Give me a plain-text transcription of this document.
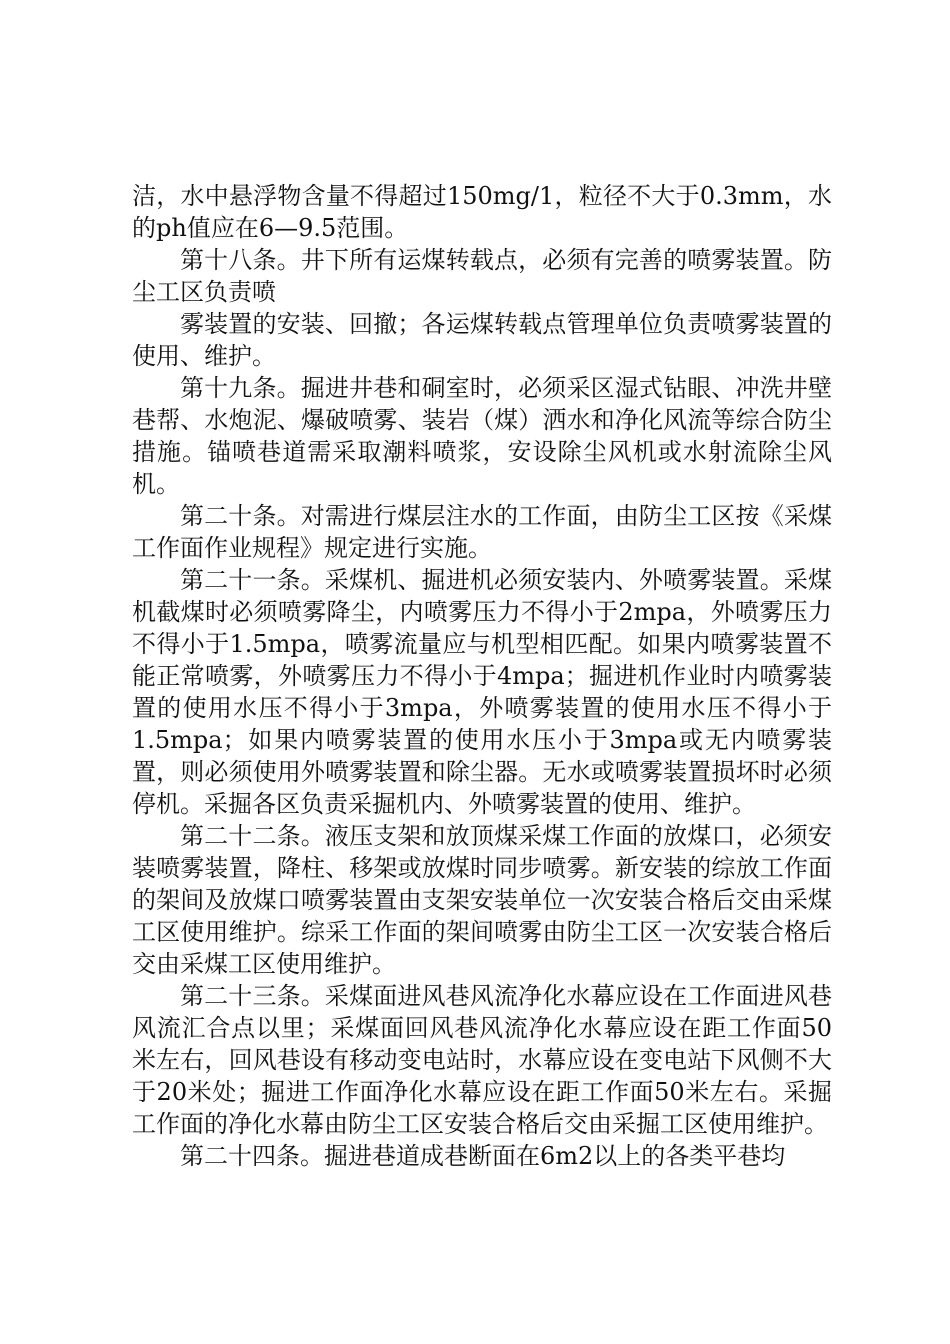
洁，水中悬浮物含量不得超过150mg/1，粒径不大于0.3mm，水的ph值应在6—9.5范围。

第十八条。井下所有运煤转载点，必须有完善的喷雾装置。防尘工区负责喷

雾装置的安装、回撤；各运煤转载点管理单位负责喷雾装置的使用、维护。

第十九条。掘进井巷和硐室时，必须采区湿式钻眼、冲洗井壁巷帮、水炮泥、爆破喷雾、装岩（煤）洒水和净化风流等综合防尘措施。锚喷巷道需采取潮料喷浆，安设除尘风机或水射流除尘风机。

第二十条。对需进行煤层注水的工作面，由防尘工区按《采煤工作面作业规程》规定进行实施。

第二十一条。采煤机、掘进机必须安装内、外喷雾装置。采煤机截煤时必须喷雾降尘，内喷雾压力不得小于2mpa，外喷雾压力不得小于1.5mpa，喷雾流量应与机型相匹配。如果内喷雾装置不能正常喷雾，外喷雾压力不得小于4mpa；掘进机作业时内喷雾装置的使用水压不得小于3mpa，外喷雾装置的使用水压不得小于1.5mpa；如果内喷雾装置的使用水压小于3mpa或无内喷雾装置，则必须使用外喷雾装置和除尘器。无水或喷雾装置损坏时必须停机。采掘各区负责采掘机内、外喷雾装置的使用、维护。

第二十二条。液压支架和放顶煤采煤工作面的放煤口，必须安装喷雾装置，降柱、移架或放煤时同步喷雾。新安装的综放工作面的架间及放煤口喷雾装置由支架安装单位一次安装合格后交由采煤工区使用维护。综采工作面的架间喷雾由防尘工区一次安装合格后交由采煤工区使用维护。

第二十三条。采煤面进风巷风流净化水幕应设在工作面进风巷风流汇合点以里；采煤面回风巷风流净化水幕应设在距工作面50米左右，回风巷设有移动变电站时，水幕应设在变电站下风侧不大于20米处；掘进工作面净化水幕应设在距工作面50米左右。采掘工作面的净化水幕由防尘工区安装合格后交由采掘工区使用维护。

第二十四条。掘进巷道成巷断面在6m2以上的各类平巷均
